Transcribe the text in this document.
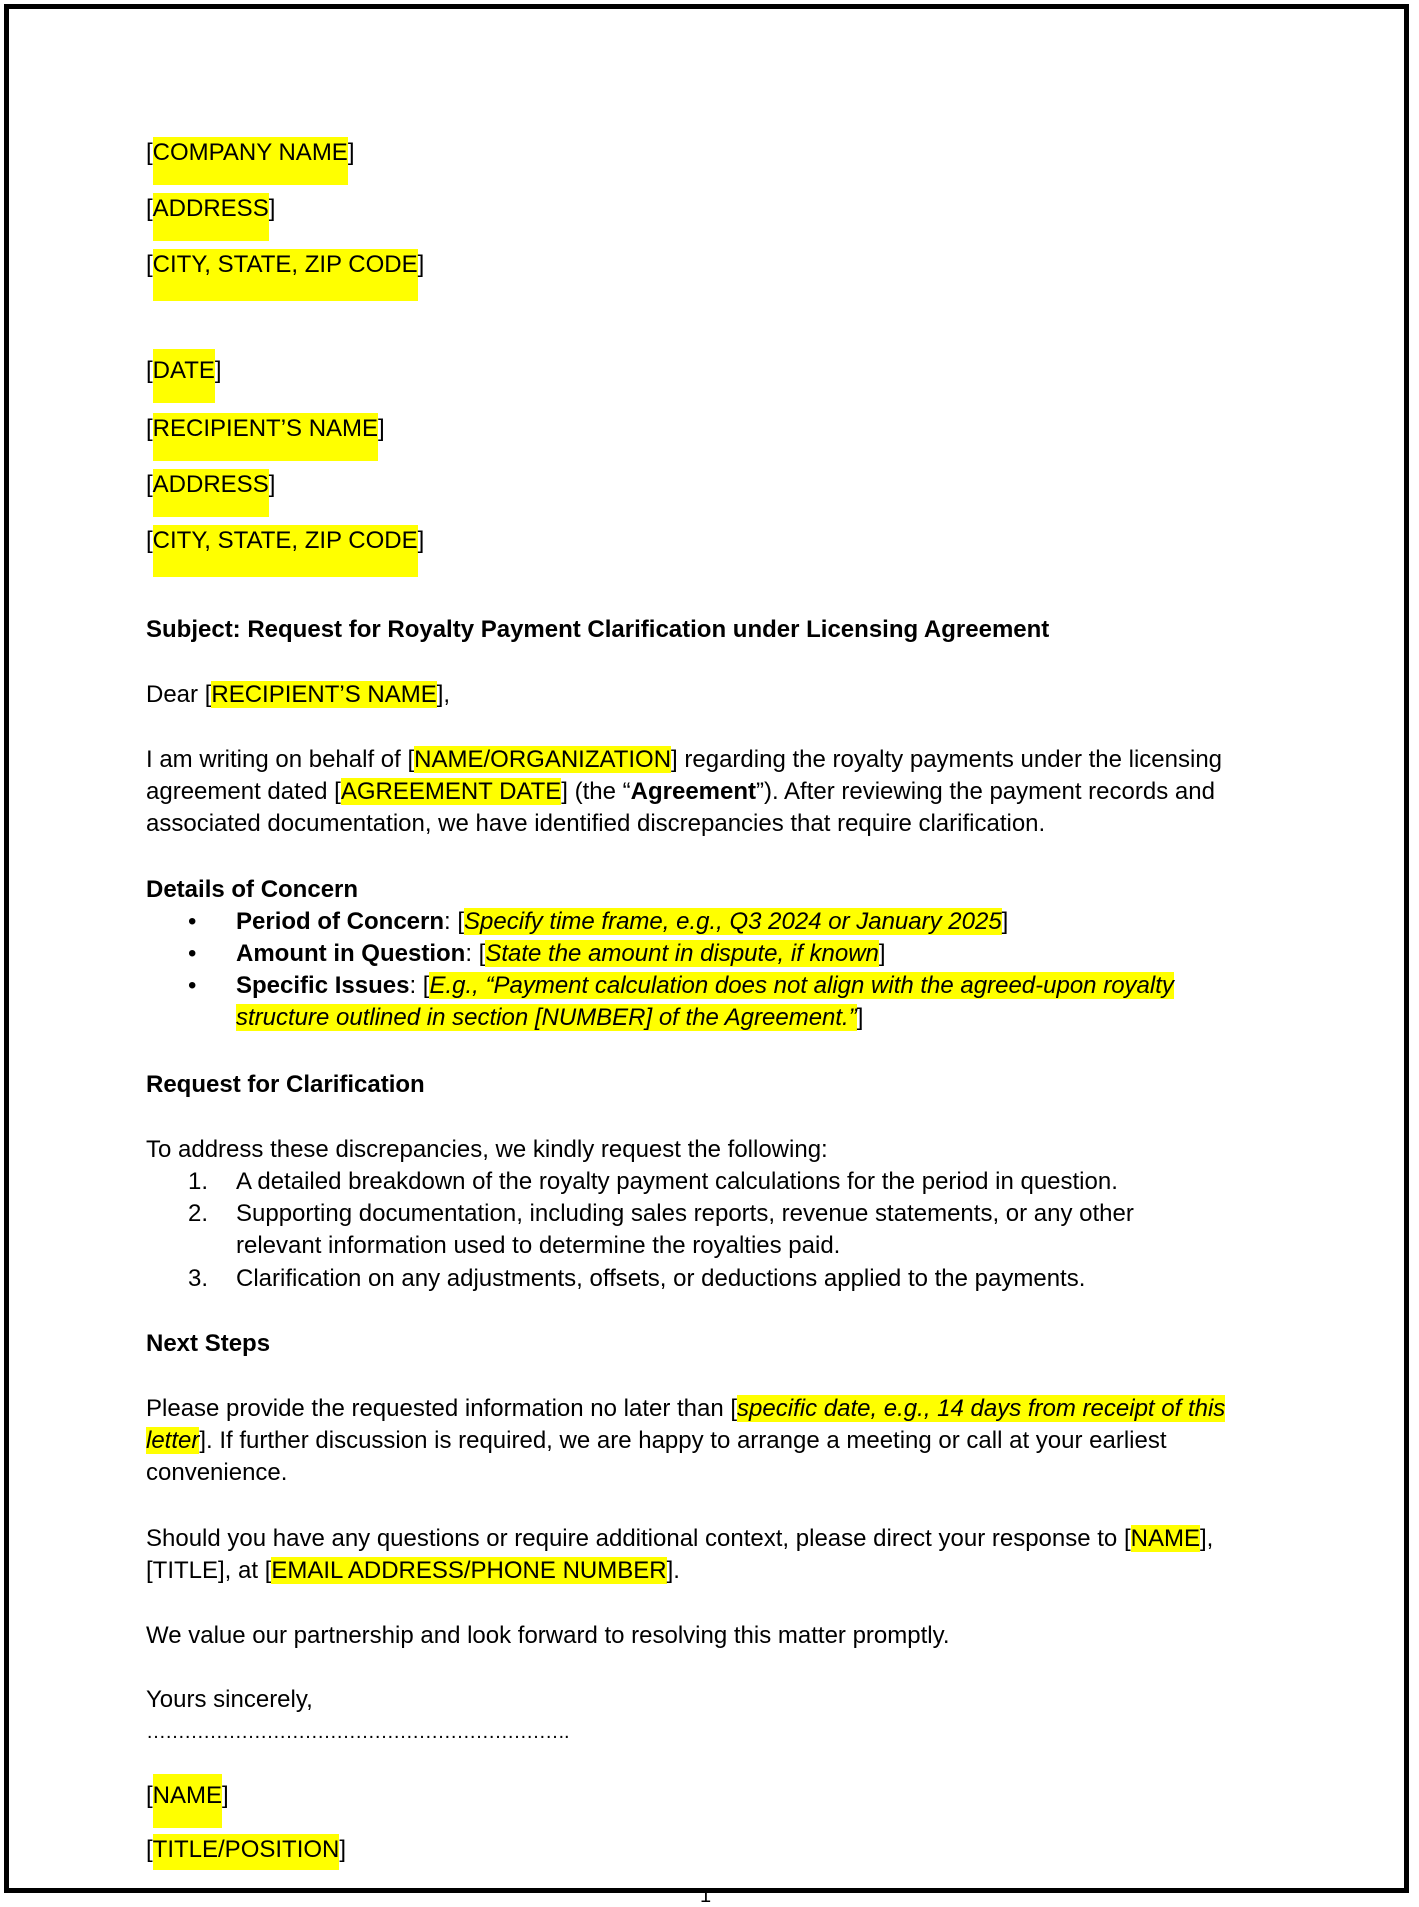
[COMPANY NAME]
[ADDRESS]
[CITY, STATE, ZIP CODE]
[DATE]
[RECIPIENT’S NAME]
[ADDRESS]
[CITY, STATE, ZIP CODE]
Subject: Request for Royalty Payment Clarification under Licensing Agreement
Dear [RECIPIENT’S NAME],

I am writing on behalf of [NAME/ORGANIZATION] regarding the royalty payments under the licensing agreement dated [AGREEMENT DATE] (the “Agreement”). After reviewing the payment records and associated documentation, we have identified discrepancies that require clarification.

Details of Concern
• Period of Concern: [Specify time frame, e.g., Q3 2024 or January 2025]
• Amount in Question: [State the amount in dispute, if known]
• Specific Issues: [E.g., “Payment calculation does not align with the agreed-upon royalty structure outlined in section [NUMBER] of the Agreement.”]
Request for Clarification
To address these discrepancies, we kindly request the following:
1. A detailed breakdown of the royalty payment calculations for the period in question.
2. Supporting documentation, including sales reports, revenue statements, or any other relevant information used to determine the royalties paid.
3. Clarification on any adjustments, offsets, or deductions applied to the payments.
Next Steps

Please provide the requested information no later than [specific date, e.g., 14 days from receipt of this letter]. If further discussion is required, we are happy to arrange a meeting or call at your earliest convenience.

Should you have any questions or require additional context, please direct your response to [NAME], [TITLE], at [EMAIL ADDRESS/PHONE NUMBER].

We value our partnership and look forward to resolving this matter promptly.
Yours sincerely,
………………………………………………………….
[NAME]
[TITLE/POSITION]
1
